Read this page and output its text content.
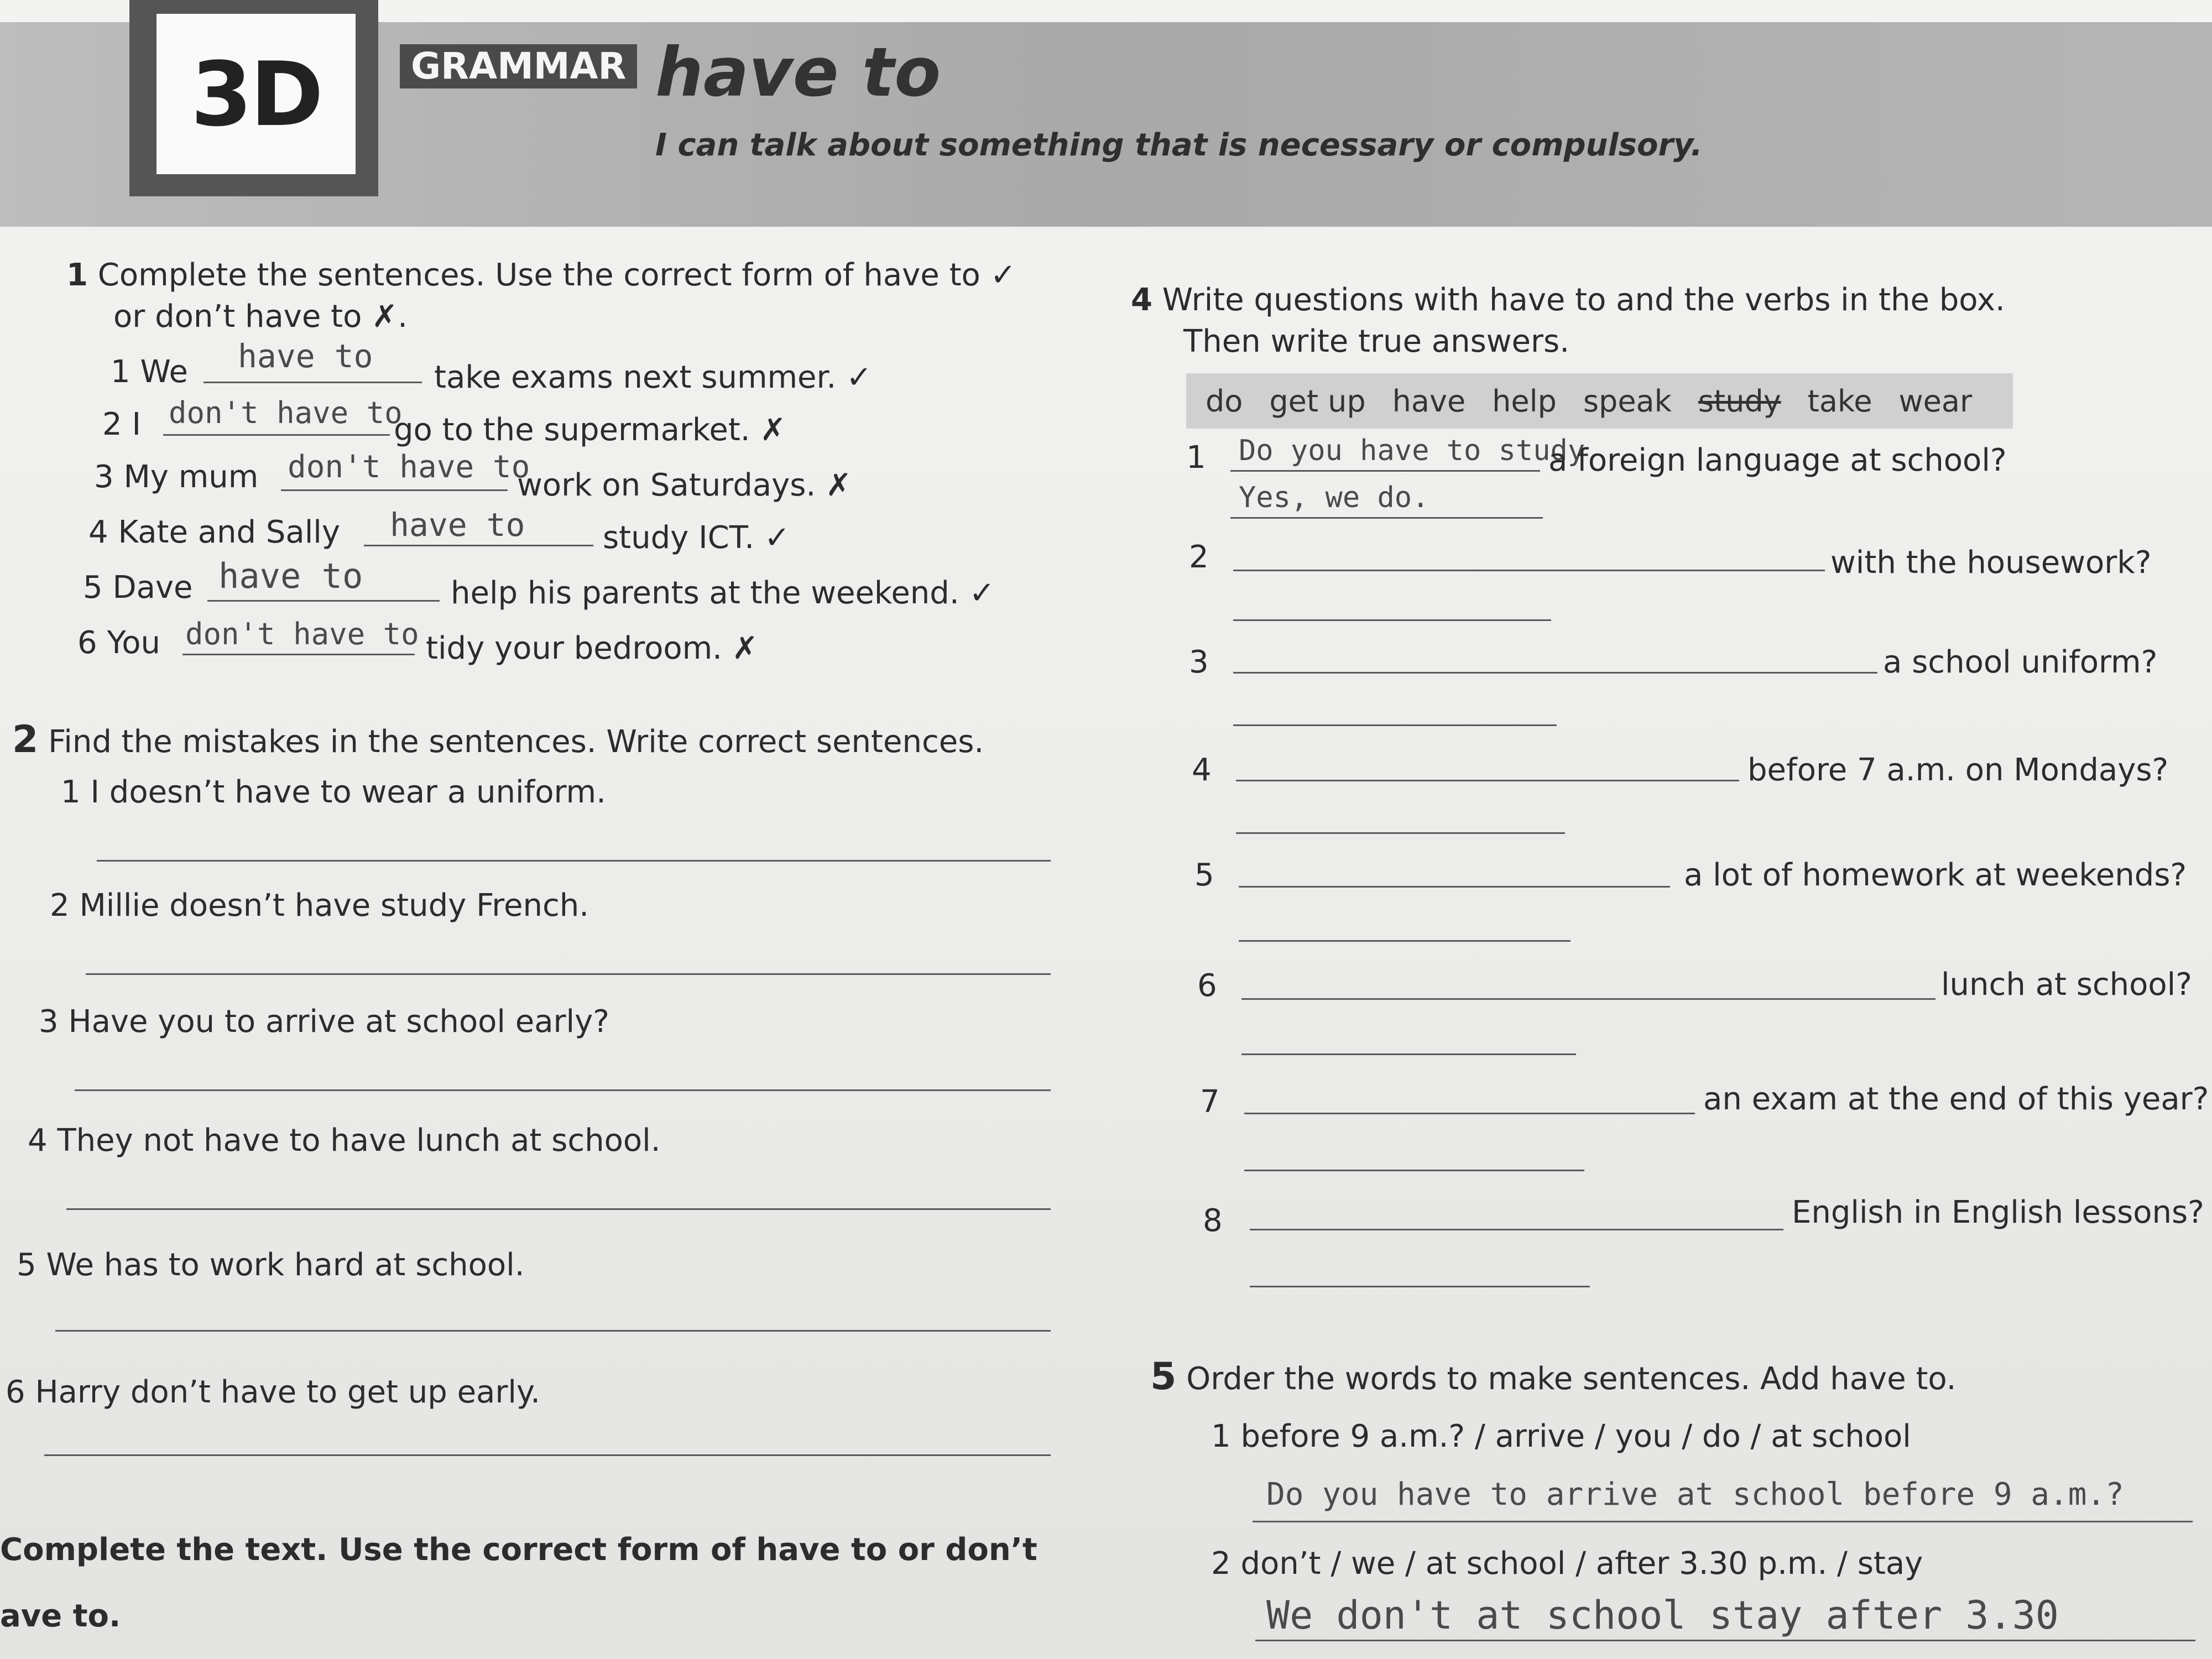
3D	GRAMMAR have to
I can talk about something that is necessary or compulsory.
1 Complete the sentences. Use the correct form of have to ✓
or don’t have to ✗.
1 We have to
take exams next summer. ✓
2 I don't have to
go to the supermarket. ✗
3 My mum don't have to
work on Saturdays. ✗
4 Kate and Sally have to	study ICT. ✓
5 Dave have to	help his parents at the weekend. ✓
6 You don't have to tidy your bedroom. ✗
2 Find the mistakes in the sentences. Write correct sentences.
1 I doesn’t have to wear a uniform.
2 Millie doesn’t have study French.
3 Have you to arrive at school early?
4 They not have to have lunch at school.
5 We has to work hard at school.
6 Harry don’t have to get up early.
Complete the text. Use the correct form of have to or don’t
ave to.
4 Write questions with have to and the verbs in the box.
Then write true answers.
do get up have help speak study take wear
1 Do you have to study
a foreign language at school?
Yes, we do.
2	with the housework?
3	a school uniform?
4	before 7 a.m. on Mondays?
5	a lot of homework at weekends?
6	lunch at school?
7	an exam at the end of this year?
8	English in English lessons?
5 Order the words to make sentences. Add have to.
1 before 9 a.m.? / arrive / you / do / at school
Do you have to arrive at school before 9 a.m.?
2 don’t / we / at school / after 3.30 p.m. / stay
We don't at school stay after 3.30
